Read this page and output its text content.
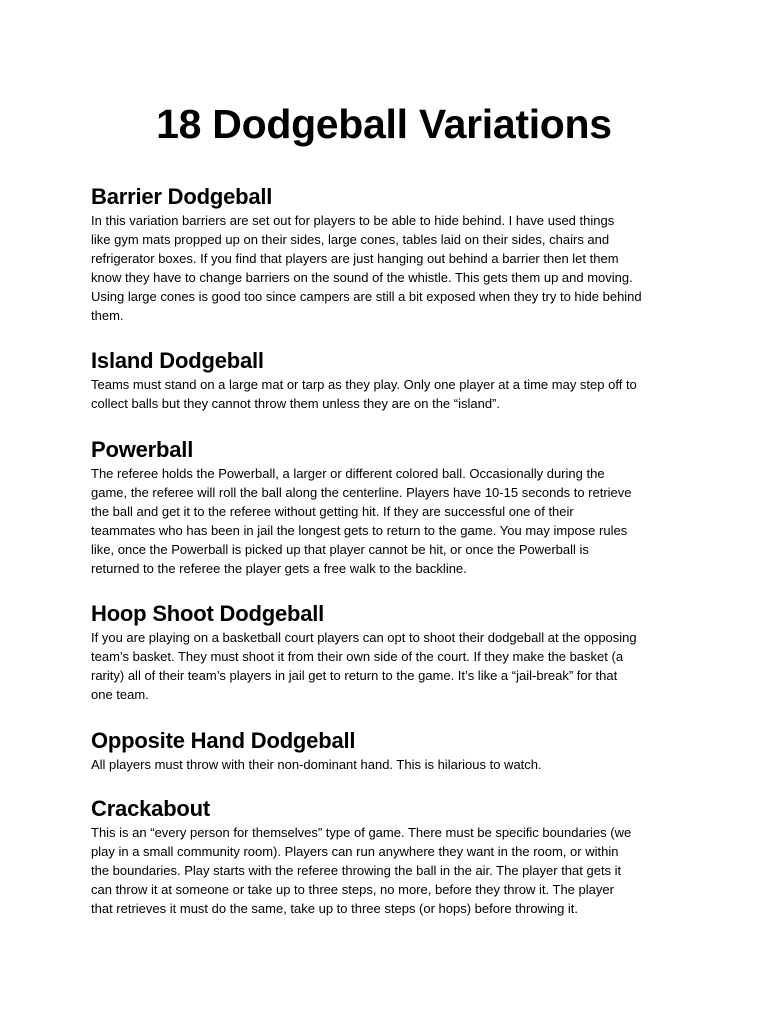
18 Dodgeball Variations
Barrier Dodgeball

In this variation barriers are set out for players to be able to hide behind. I have used things
like gym mats propped up on their sides, large cones, tables laid on their sides, chairs and
refrigerator boxes. If you find that players are just hanging out behind a barrier then let them
know they have to change barriers on the sound of the whistle. This gets them up and moving.
Using large cones is good too since campers are still a bit exposed when they try to hide behind
them.

Island Dodgeball

Teams must stand on a large mat or tarp as they play. Only one player at a time may step off to
collect balls but they cannot throw them unless they are on the “island”.

Powerball

The referee holds the Powerball, a larger or different colored ball. Occasionally during the
game, the referee will roll the ball along the centerline. Players have 10-15 seconds to retrieve
the ball and get it to the referee without getting hit. If they are successful one of their
teammates who has been in jail the longest gets to return to the game. You may impose rules
like, once the Powerball is picked up that player cannot be hit, or once the Powerball is
returned to the referee the player gets a free walk to the backline.

Hoop Shoot Dodgeball

If you are playing on a basketball court players can opt to shoot their dodgeball at the opposing
team’s basket. They must shoot it from their own side of the court. If they make the basket (a
rarity) all of their team’s players in jail get to return to the game. It’s like a “jail-break” for that
one team.

Opposite Hand Dodgeball

All players must throw with their non-dominant hand. This is hilarious to watch.

Crackabout

This is an “every person for themselves” type of game. There must be specific boundaries (we
play in a small community room). Players can run anywhere they want in the room, or within
the boundaries. Play starts with the referee throwing the ball in the air. The player that gets it
can throw it at someone or take up to three steps, no more, before they throw it. The player
that retrieves it must do the same, take up to three steps (or hops) before throwing it.
